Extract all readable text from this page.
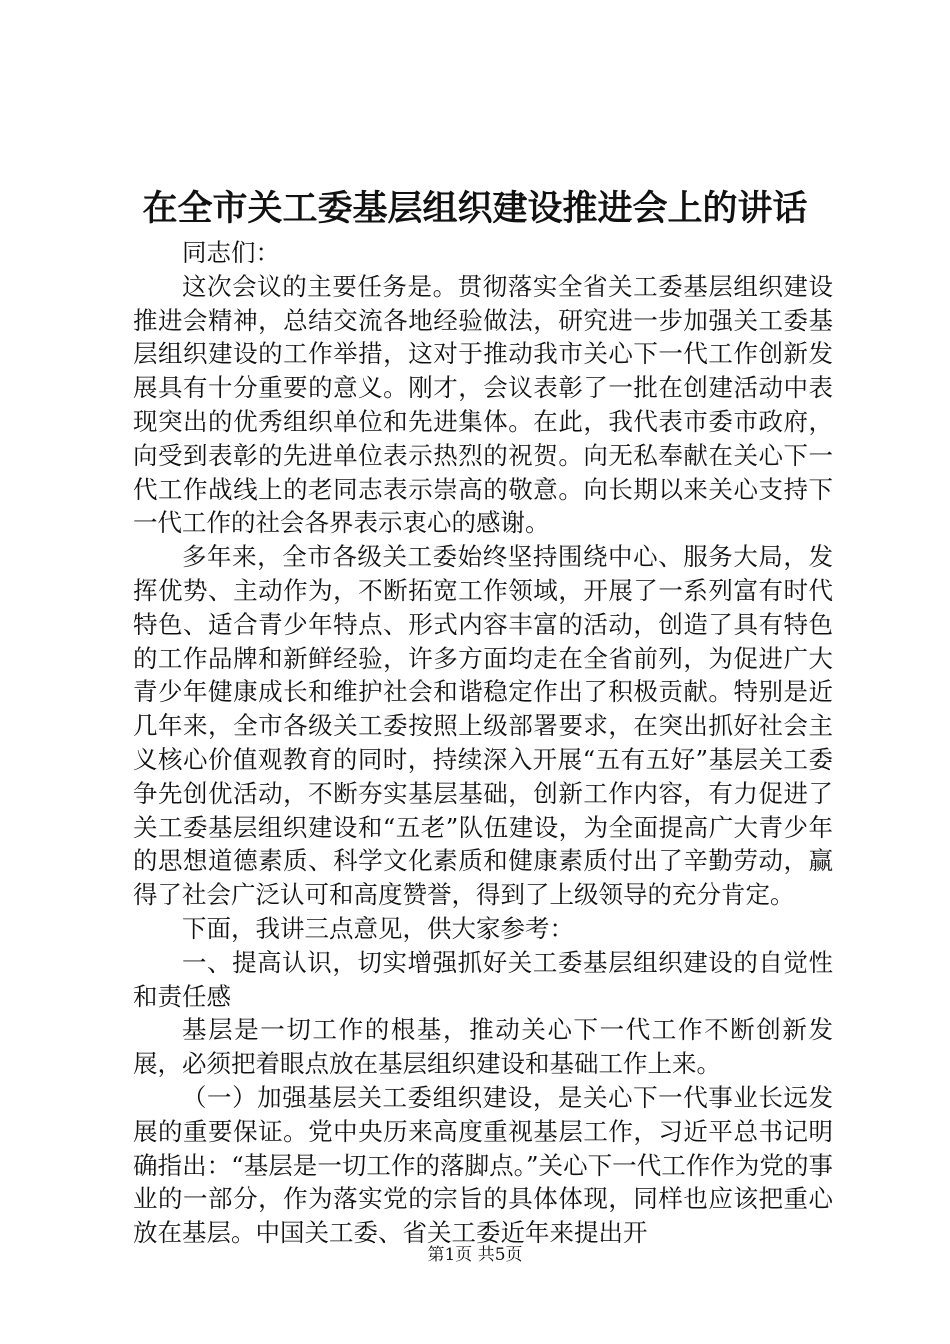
在全市关工委基层组织建设推进会上的讲话

同志们：

这次会议的主要任务是。贯彻落实全省关工委基层组织建设推进会精神，总结交流各地经验做法，研究进一步加强关工委基层组织建设的工作举措，这对于推动我市关心下一代工作创新发展具有十分重要的意义。刚才，会议表彰了一批在创建活动中表现突出的优秀组织单位和先进集体。在此，我代表市委市政府，向受到表彰的先进单位表示热烈的祝贺。向无私奉献在关心下一代工作战线上的老同志表示崇高的敬意。向长期以来关心支持下一代工作的社会各界表示衷心的感谢。

多年来，全市各级关工委始终坚持围绕中心、服务大局，发挥优势、主动作为，不断拓宽工作领域，开展了一系列富有时代特色、适合青少年特点、形式内容丰富的活动，创造了具有特色的工作品牌和新鲜经验，许多方面均走在全省前列，为促进广大青少年健康成长和维护社会和谐稳定作出了积极贡献。特别是近几年来，全市各级关工委按照上级部署要求，在突出抓好社会主义核心价值观教育的同时，持续深入开展“五有五好”基层关工委争先创优活动，不断夯实基层基础，创新工作内容，有力促进了关工委基层组织建设和“五老”队伍建设，为全面提高广大青少年的思想道德素质、科学文化素质和健康素质付出了辛勤劳动，赢得了社会广泛认可和高度赞誉，得到了上级领导的充分肯定。

下面，我讲三点意见，供大家参考：

一、提高认识，切实增强抓好关工委基层组织建设的自觉性和责任感

基层是一切工作的根基，推动关心下一代工作不断创新发展，必须把着眼点放在基层组织建设和基础工作上来。

（一）加强基层关工委组织建设，是关心下一代事业长远发展的重要保证。党中央历来高度重视基层工作，习近平总书记明确指出：“基层是一切工作的落脚点。”关心下一代工作作为党的事业的一部分，作为落实党的宗旨的具体体现，同样也应该把重心放在基层。中国关工委、省关工委近年来提出开

第1页 共5页
